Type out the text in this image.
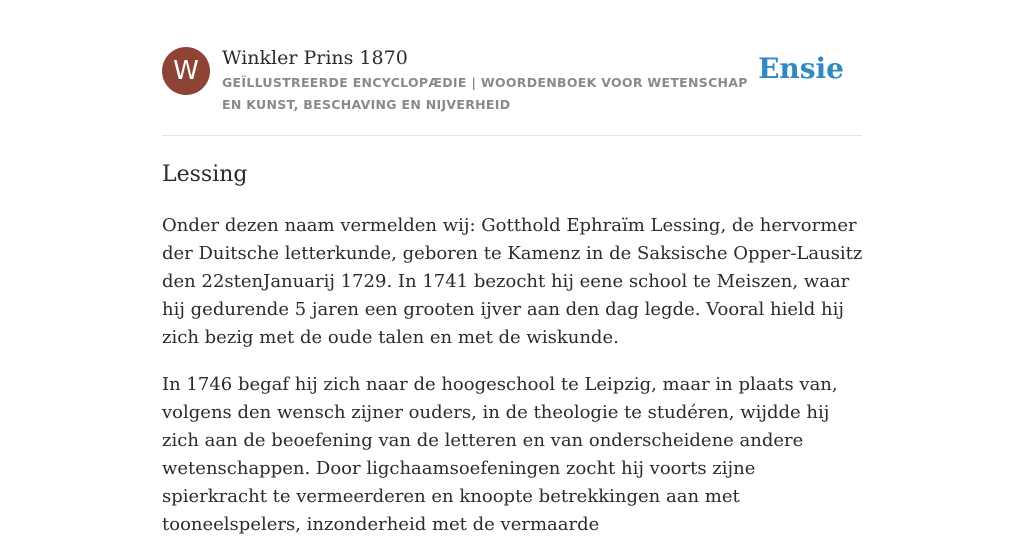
W	Winkler Prins 1870
GEÏLLUSTREERDE ENCYCLOPÆDIE | WOORDENBOEK VOOR WETENSCHAP EN KUNST, BESCHAVING EN NIJVERHEID
Ensie
Lessing

Onder dezen naam vermelden wij: Gotthold Ephraïm Lessing, de hervormer der Duitsche letterkunde, geboren te Kamenz in de Saksische Opper-Lausitz den 22stenJanuarij 1729. In 1741 bezocht hij eene school te Meiszen, waar hij gedurende 5 jaren een grooten ijver aan den dag legde. Vooral hield hij zich bezig met de oude talen en met de wiskunde.

In 1746 begaf hij zich naar de hoogeschool te Leipzig, maar in plaats van, volgens den wensch zijner ouders, in de theologie te studéren, wijdde hij zich aan de beoefening van de letteren en van onderscheidene andere wetenschappen. Door ligchaamsoefeningen zocht hij voorts zijne spierkracht te vermeerderen en knoopte betrekkingen aan met tooneelspelers, inzonderheid met de vermaarde
